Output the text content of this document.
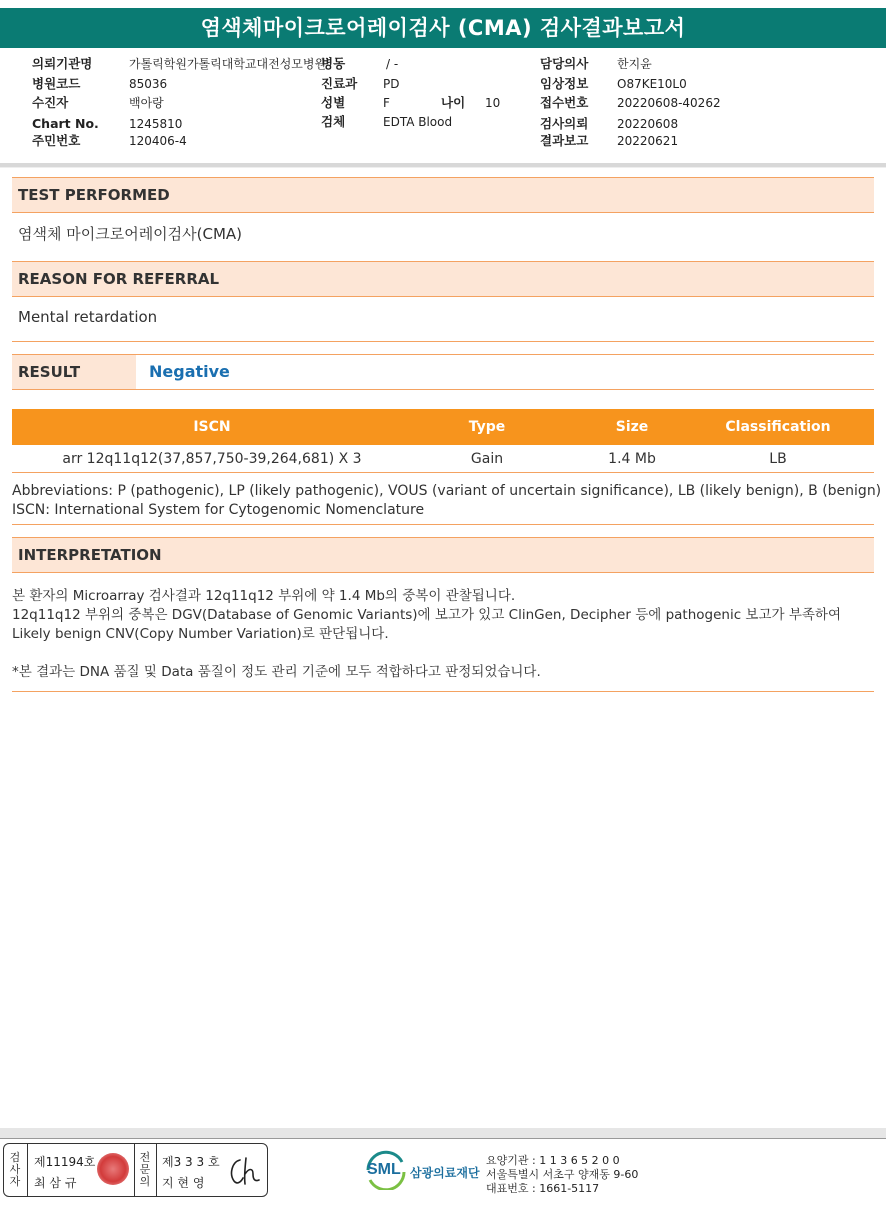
염색체마이크로어레이검사 (CMA) 검사결과보고서
의뢰기관명	가톨릭학원가톨릭대학교대전성모병원
병원코드	85036
수진자	백아랑
Chart No.	1245810
주민번호	120406-4
병동	/ -
진료과 PD
성별	F	나이 10
검체	EDTA Blood
담당의사 한지윤
임상정보 O87KE10L0
접수번호 20220608-40262
검사의뢰 20220608
결과보고 20220621
TEST PERFORMED
염색체 마이크로어레이검사(CMA)
REASON FOR REFERRAL
Mental retardation
RESULT	Negative
ISCN	Type	Size	Classification
arr 12q11q12(37,857,750-39,264,681) X 3	Gain	1.4 Mb	LB
Abbreviations: P (pathogenic), LP (likely pathogenic), VOUS (variant of uncertain significance), LB (likely benign), B (benign)
ISCN: International System for Cytogenomic Nomenclature
INTERPRETATION
본 환자의 Microarray 검사결과 12q11q12 부위에 약 1.4 Mb의 중복이 관찰됩니다.
12q11q12 부위의 중복은 DGV(Database of Genomic Variants)에 보고가 있고 ClinGen, Decipher 등에 pathogenic 보고가 부족하여
Likely benign CNV(Copy Number Variation)로 판단됩니다.
*본 결과는 DNA 품질 및 Data 품질이 정도 관리 기준에 모두 적합하다고 판정되었습니다.
검사자
제11194호
최 삼 규
전문의
제3 3 3 호
지 현 영
SML 삼광의료재단
요양기관 : 1 1 3 6 5 2 0 0
서울특별시 서초구 양재동 9-60
대표번호 : 1661-5117
